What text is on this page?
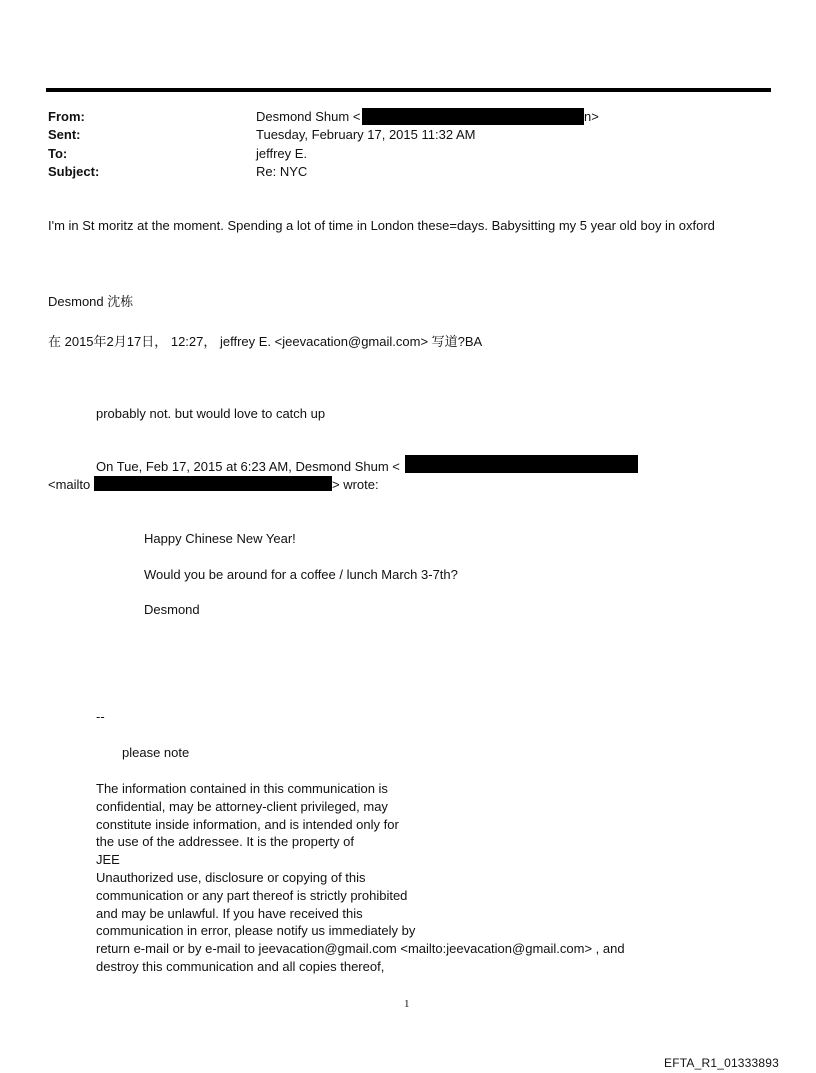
From:	Desmond Shum <	n>
Sent:	Tuesday, February 17, 2015 11:32 AM
To:	jeffrey E.
Subject:	Re: NYC
I'm in St moritz at the moment. Spending a lot of time in London these=days. Babysitting my 5 year old boy in oxford
Desmond 沈栋
在 2015年2月17日， 12:27， jeffrey E. <jeevacation@gmail.com> 写道?BA
probably not. but would love to catch up
On Tue, Feb 17, 2015 at 6:23 AM, Desmond Shum <
<mailto	> wrote:
Happy Chinese New Year!
Would you be around for a coffee / lunch March 3-7th?
Desmond
--
please note
The information contained in this communication is
confidential, may be attorney-client privileged, may
constitute inside information, and is intended only for
the use of the addressee. It is the property of
JEE
Unauthorized use, disclosure or copying of this
communication or any part thereof is strictly prohibited
and may be unlawful. If you have received this
communication in error, please notify us immediately by
return e-mail or by e-mail to jeevacation@gmail.com <mailto:jeevacation@gmail.com> , and
destroy this communication and all copies thereof,
1
EFTA_R1_01333893
